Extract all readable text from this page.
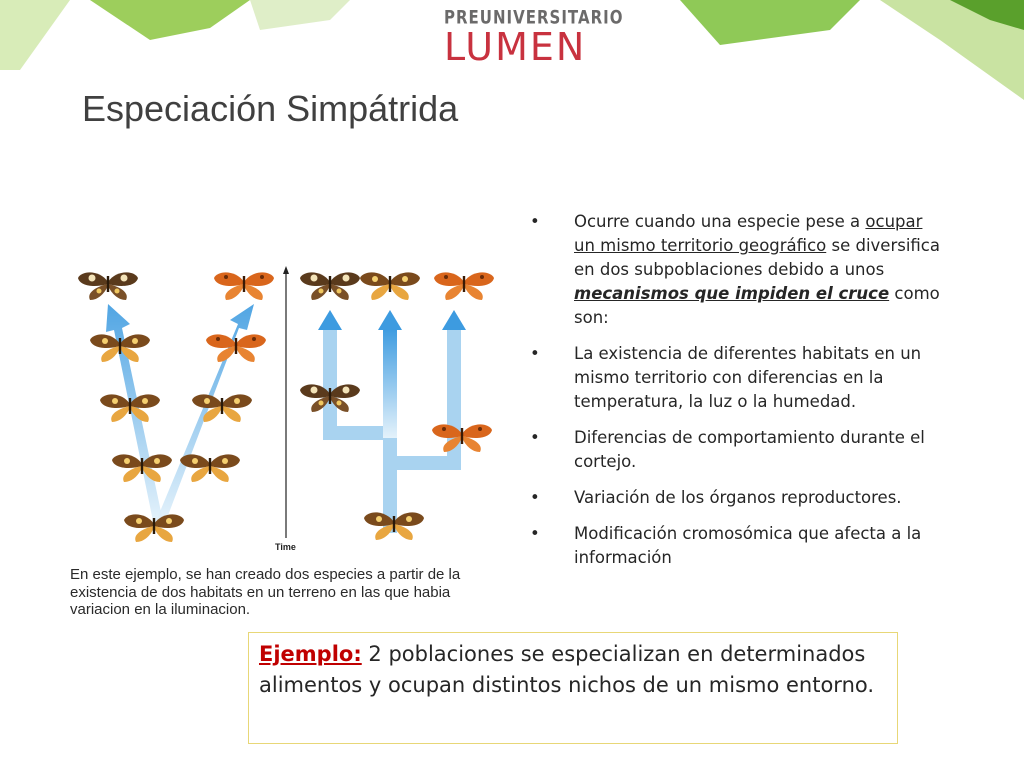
PREUNIVERSITARIO
LUMEN
Especiación Simpátrida
Time

En este ejemplo, se han creado dos especies a partir de la existencia de dos habitats en un terreno en las que habia variacion en la iluminacion.

• Ocurre cuando una especie pese a ocupar un mismo territorio geográfico se diversifica en dos subpoblaciones debido a unos mecanismos que impiden el cruce como son:
• La existencia de diferentes habitats en un mismo territorio con diferencias en la temperatura, la luz o la humedad.
• Diferencias de comportamiento durante el cortejo.
• Variación de los órganos reproductores.
• Modificación cromosómica que afecta a la información
Ejemplo: 2 poblaciones se especializan en determinados alimentos y ocupan distintos nichos de un mismo entorno.
